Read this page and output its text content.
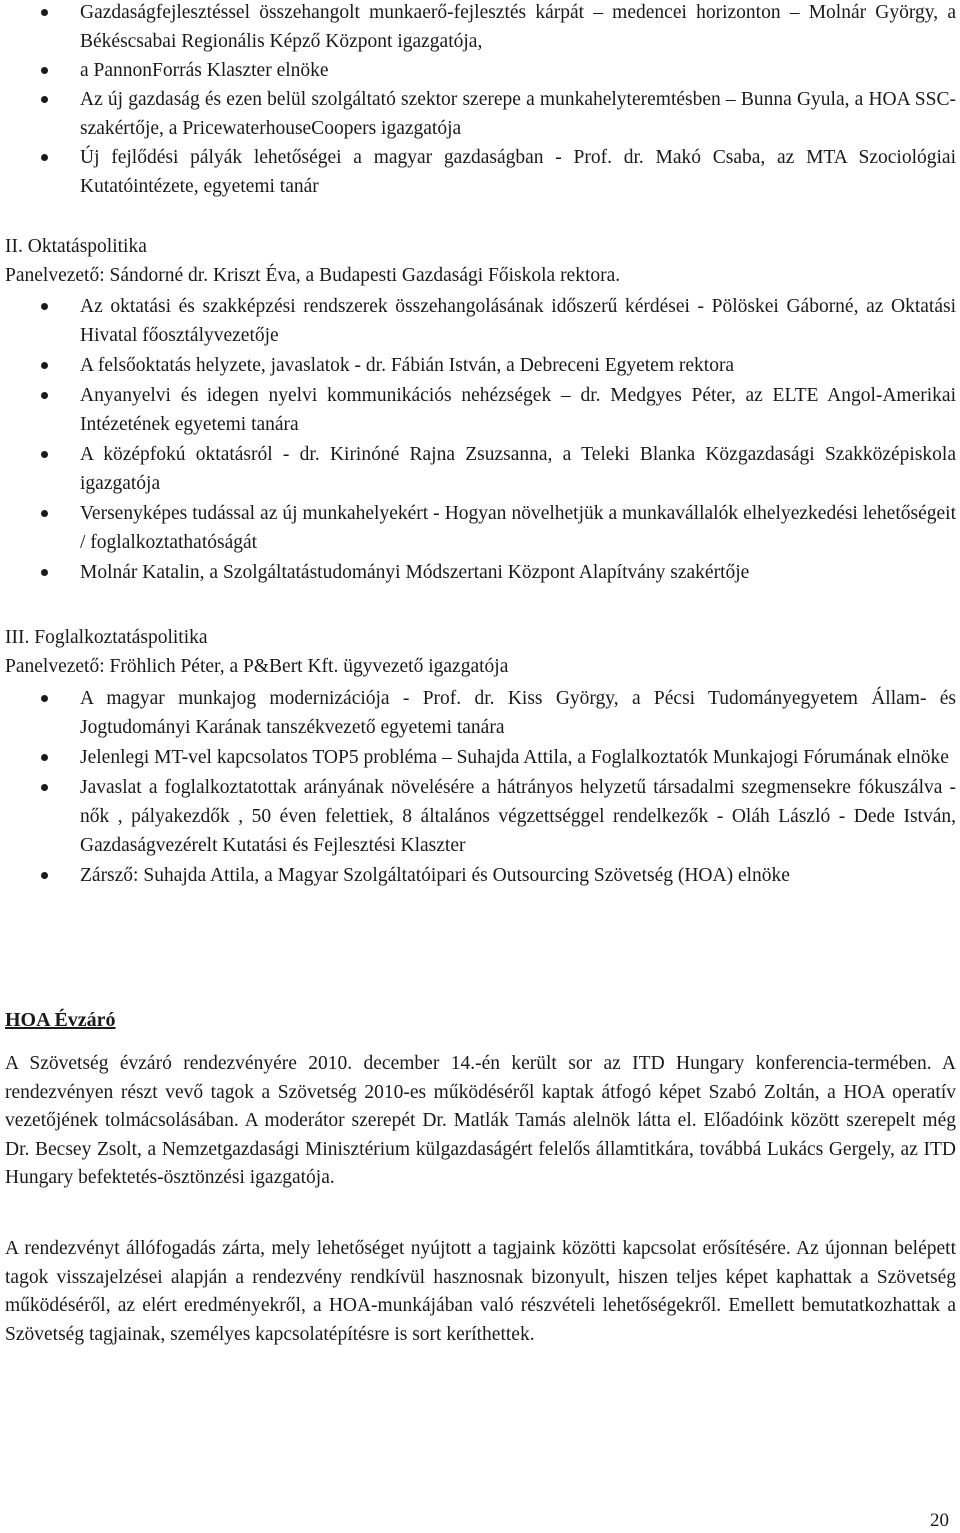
Gazdaságfejlesztéssel összehangolt munkaerő-fejlesztés kárpát – medencei horizonton – Molnár György, a Békéscsabai Regionális Képző Központ igazgatója,
a PannonForrás Klaszter elnöke
Az új gazdaság és ezen belül szolgáltató szektor szerepe a munkahelyteremtésben – Bunna Gyula, a HOA SSC-szakértője, a PricewaterhouseCoopers igazgatója
Új fejlődési pályák lehetőségei a magyar gazdaságban - Prof. dr. Makó Csaba, az MTA Szociológiai Kutatóintézete, egyetemi tanár
II. Oktatáspolitika
Panelvezető: Sándorné dr. Kriszt Éva, a Budapesti Gazdasági Főiskola rektora.
Az oktatási és szakképzési rendszerek összehangolásának időszerű kérdései - Pölöskei Gáborné, az Oktatási Hivatal főosztályvezetője
A felsőoktatás helyzete, javaslatok - dr. Fábián István, a Debreceni Egyetem rektora
Anyanyelvi és idegen nyelvi kommunikációs nehézségek – dr. Medgyes Péter, az ELTE Angol-Amerikai Intézetének egyetemi tanára
A középfokú oktatásról - dr. Kirinóné Rajna Zsuzsanna, a Teleki Blanka Közgazdasági Szakközépiskola igazgatója
Versenyképes tudással az új munkahelyekért - Hogyan növelhetjük a munkavállalók elhelyezkedési lehetőségeit / foglalkoztathatóságát
Molnár Katalin, a Szolgáltatástudományi Módszertani Központ Alapítvány szakértője
III. Foglalkoztatáspolitika
Panelvezető: Fröhlich Péter, a P&Bert Kft. ügyvezető igazgatója
A magyar munkajog modernizációja - Prof. dr. Kiss György, a Pécsi Tudományegyetem Állam- és Jogtudományi Karának tanszékvezető egyetemi tanára
Jelenlegi MT-vel kapcsolatos TOP5 probléma – Suhajda Attila, a Foglalkoztatók Munkajogi Fórumának elnöke
Javaslat a foglalkoztatottak arányának növelésére a hátrányos helyzetű társadalmi szegmensekre fókuszálva - nők , pályakezdők , 50 éven felettiek, 8 általános végzettséggel rendelkezők - Oláh László - Dede István, Gazdaságvezérelt Kutatási és Fejlesztési Klaszter
Zársző: Suhajda Attila, a Magyar Szolgáltatóipari és Outsourcing Szövetség (HOA) elnöke
HOA Évzáró

A Szövetség évzáró rendezvényére 2010. december 14.-én került sor az ITD Hungary konferencia-termében. A rendezvényen részt vevő tagok a Szövetség 2010-es működéséről kaptak átfogó képet Szabó Zoltán, a HOA operatív vezetőjének tolmácsolásában. A moderátor szerepét Dr. Matlák Tamás alelnök látta el. Előadóink között szerepelt még Dr. Becsey Zsolt, a Nemzetgazdasági Minisztérium külgazdaságért felelős államtitkára, továbbá Lukács Gergely, az ITD Hungary befektetés-ösztönzési igazgatója.

A rendezvényt állófogadás zárta, mely lehetőséget nyújtott a tagjaink közötti kapcsolat erősítésére. Az újonnan belépett tagok visszajelzései alapján a rendezvény rendkívül hasznosnak bizonyult, hiszen teljes képet kaphattak a Szövetség működéséről, az elért eredményekről, a HOA-munkájában való részvételi lehetőségekről. Emellett bemutatkozhattak a Szövetség tagjainak, személyes kapcsolatépítésre is sort keríthettek.

20
